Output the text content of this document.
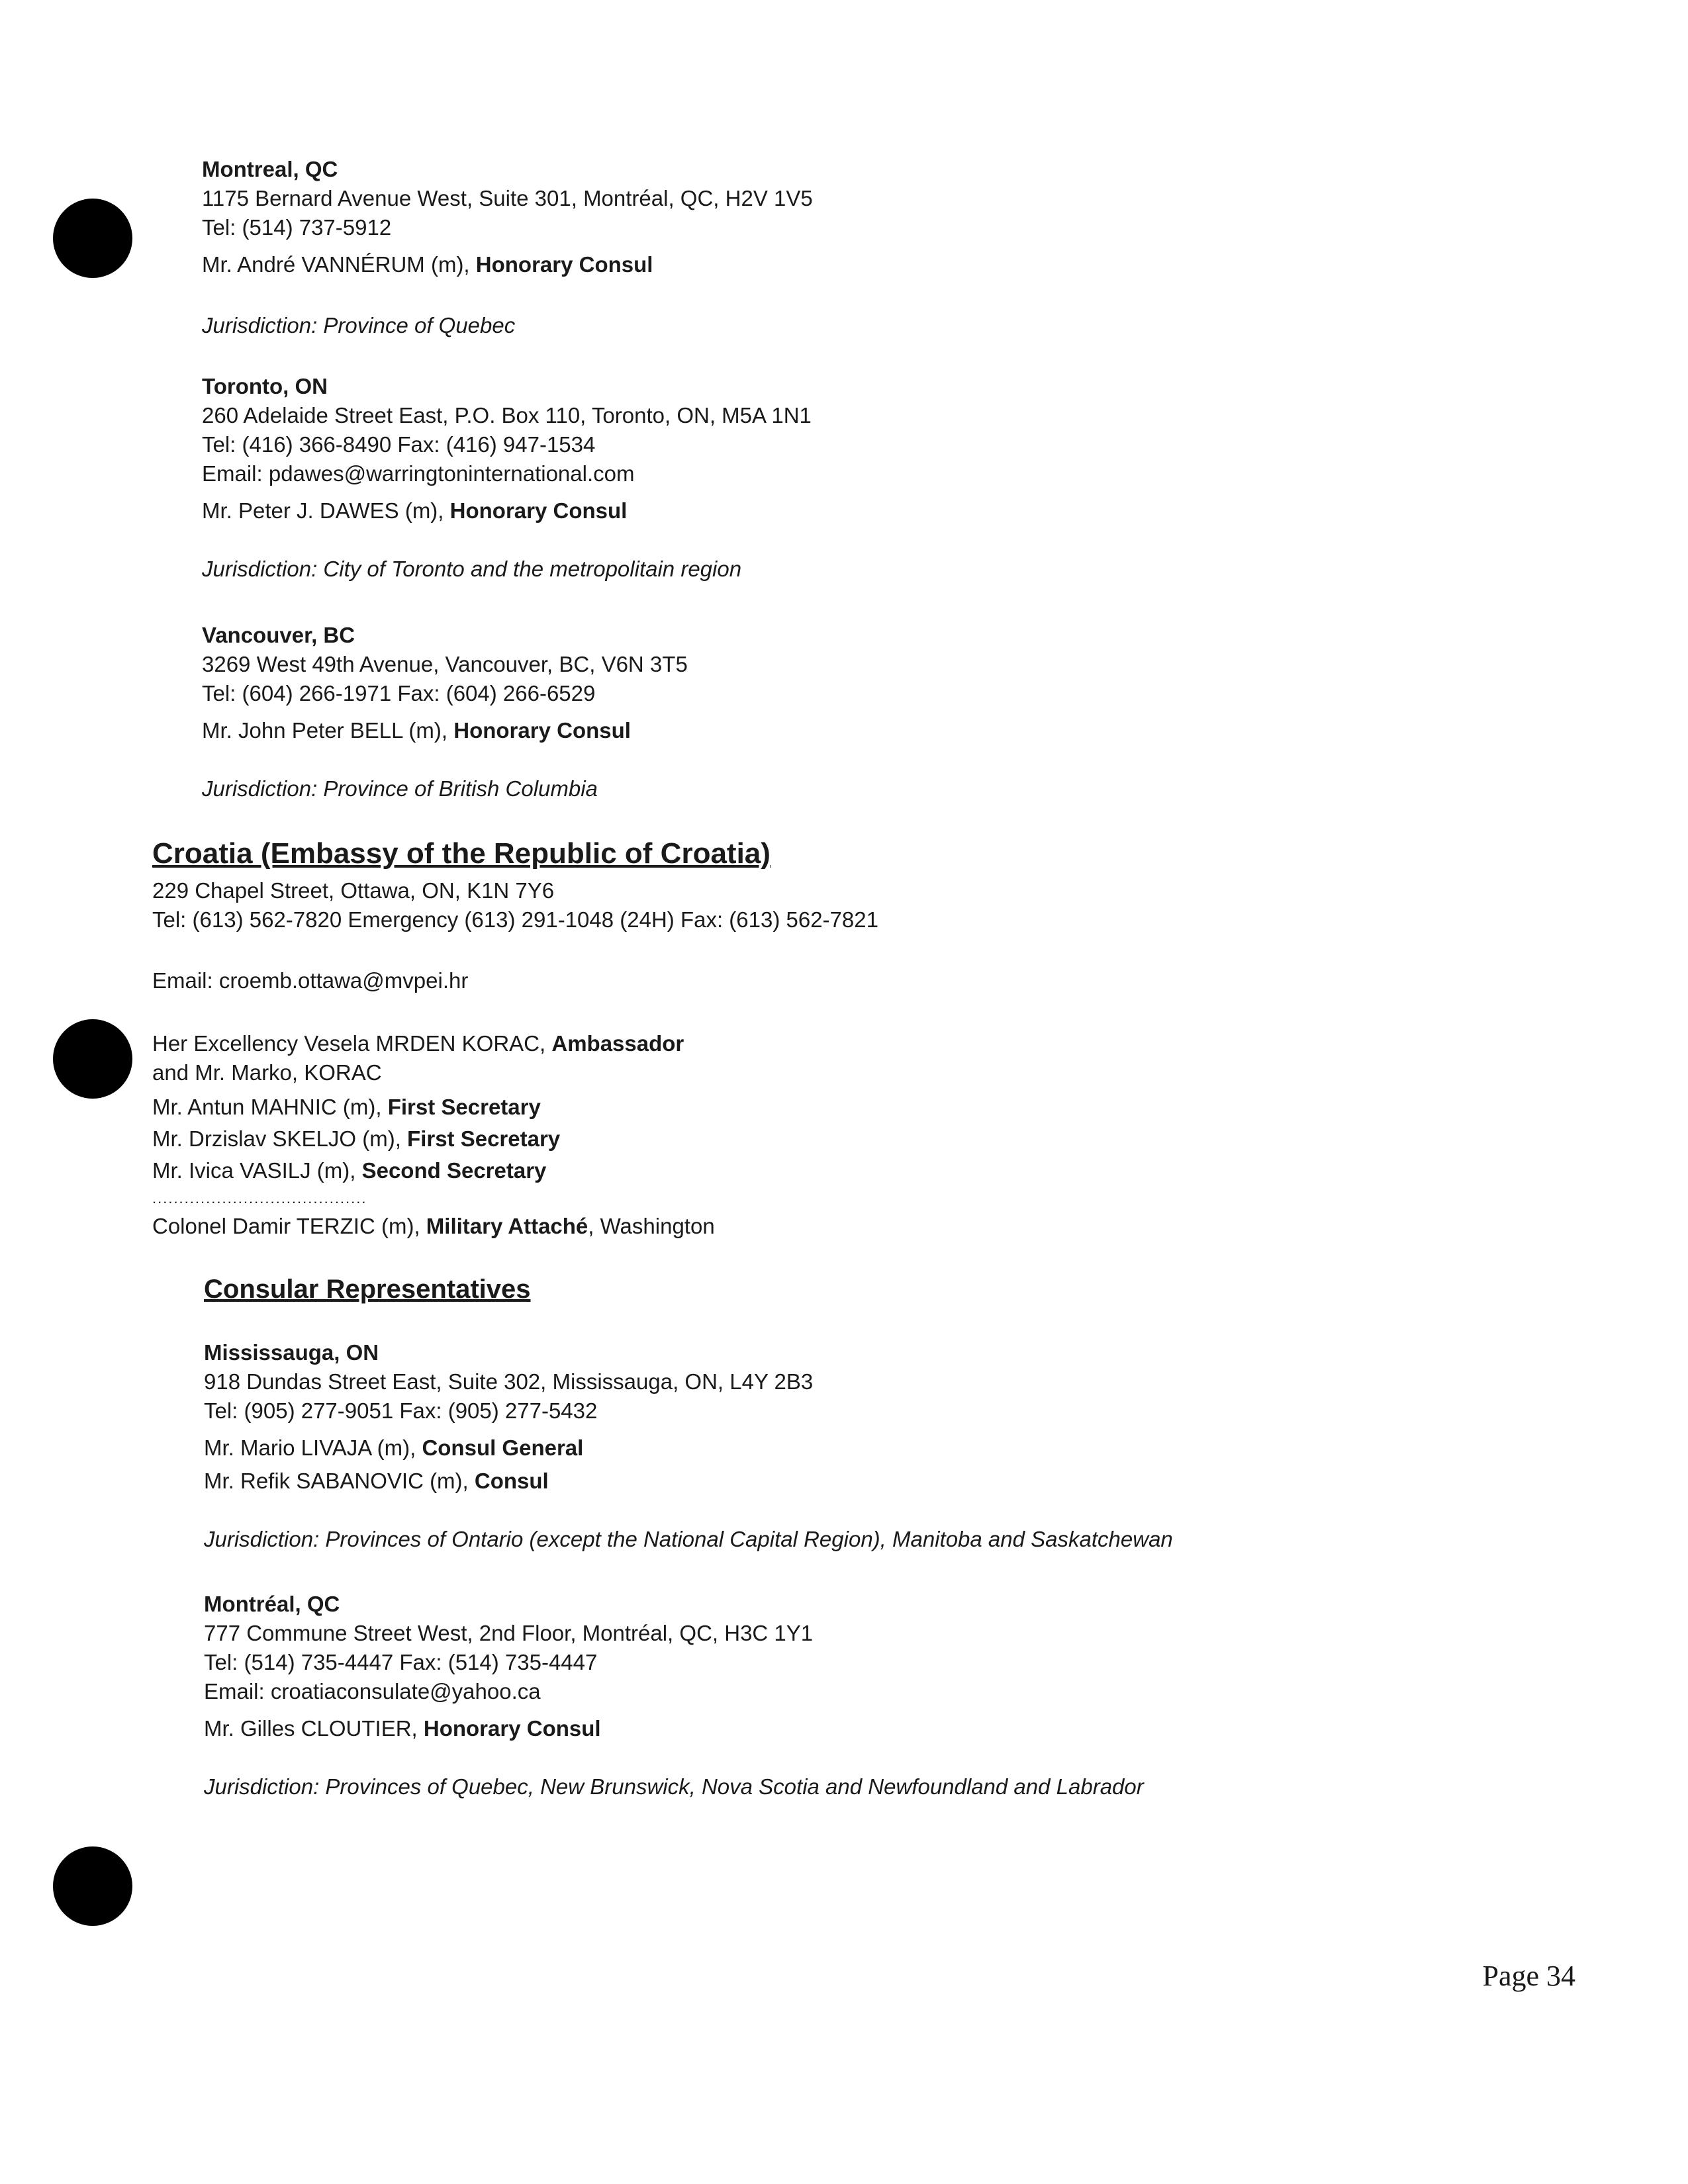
Montreal, QC
1175 Bernard Avenue West, Suite 301, Montréal, QC, H2V 1V5
Tel: (514) 737-5912
Mr. André VANNÉRUM (m), Honorary Consul
Jurisdiction: Province of Quebec
Toronto, ON
260 Adelaide Street East, P.O. Box 110, Toronto, ON, M5A 1N1
Tel: (416) 366-8490 Fax: (416) 947-1534
Email: pdawes@warringtoninternational.com
Mr. Peter J. DAWES (m), Honorary Consul
Jurisdiction: City of Toronto and the metropolitain region
Vancouver, BC
3269 West 49th Avenue, Vancouver, BC, V6N 3T5
Tel: (604) 266-1971 Fax: (604) 266-6529
Mr. John Peter BELL (m), Honorary Consul
Jurisdiction: Province of British Columbia
Croatia (Embassy of the Republic of Croatia)
229 Chapel Street, Ottawa, ON, K1N 7Y6
Tel: (613) 562-7820 Emergency (613) 291-1048 (24H) Fax: (613) 562-7821
Email: croemb.ottawa@mvpei.hr
Her Excellency Vesela MRDEN KORAC, Ambassador
and Mr. Marko, KORAC
Mr. Antun MAHNIC (m), First Secretary
Mr. Drzislav SKELJO (m), First Secretary
Mr. Ivica VASILJ (m), Second Secretary
........................................
Colonel Damir TERZIC (m), Military Attaché, Washington
Consular Representatives
Mississauga, ON
918 Dundas Street East, Suite 302, Mississauga, ON, L4Y 2B3
Tel: (905) 277-9051 Fax: (905) 277-5432
Mr. Mario LIVAJA (m), Consul General
Mr. Refik SABANOVIC (m), Consul
Jurisdiction: Provinces of Ontario (except the National Capital Region), Manitoba and Saskatchewan
Montréal, QC
777 Commune Street West, 2nd Floor, Montréal, QC, H3C 1Y1
Tel: (514) 735-4447 Fax: (514) 735-4447
Email: croatiaconsulate@yahoo.ca
Mr. Gilles CLOUTIER, Honorary Consul
Jurisdiction: Provinces of Quebec, New Brunswick, Nova Scotia and Newfoundland and Labrador
Page 34
